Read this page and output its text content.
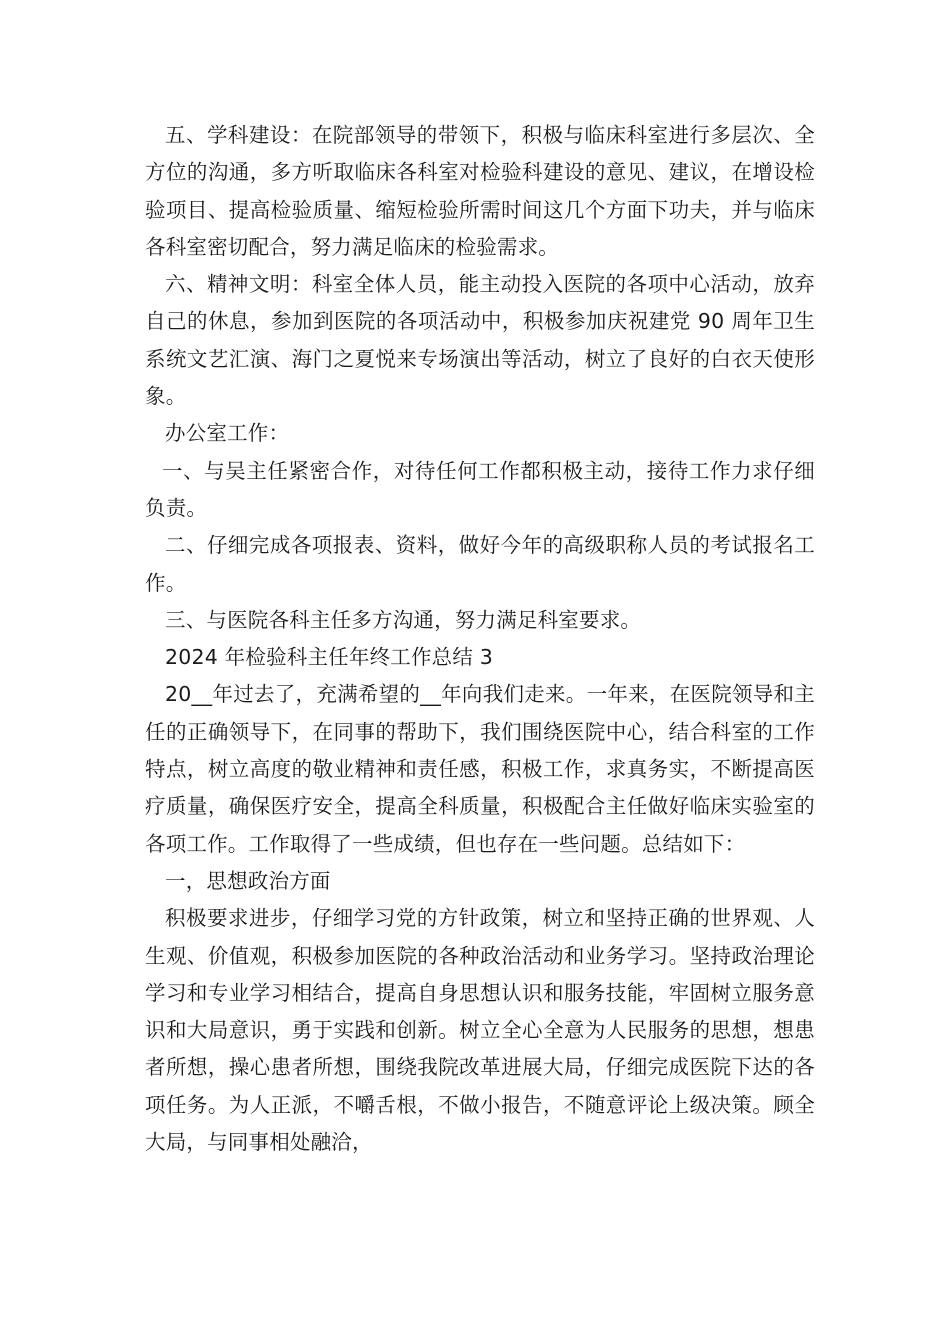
五、学科建设：在院部领导的带领下，积极与临床科室进行多层次、全方位的沟通，多方听取临床各科室对检验科建设的意见、建议，在增设检验项目、提高检验质量、缩短检验所需时间这几个方面下功夫，并与临床各科室密切配合，努力满足临床的检验需求。

六、精神文明：科室全体人员，能主动投入医院的各项中心活动，放弃自己的休息，参加到医院的各项活动中，积极参加庆祝建党 90 周年卫生系统文艺汇演、海门之夏悦来专场演出等活动，树立了良好的白衣天使形象。

办公室工作：

一、与吴主任紧密合作，对待任何工作都积极主动，接待工作力求仔细负责。

二、仔细完成各项报表、资料，做好今年的高级职称人员的考试报名工作。

三、与医院各科主任多方沟通，努力满足科室要求。

2024 年检验科主任年终工作总结 3

20__年过去了，充满希望的__年向我们走来。一年来，在医院领导和主任的正确领导下，在同事的帮助下，我们围绕医院中心，结合科室的工作特点，树立高度的敬业精神和责任感，积极工作，求真务实，不断提高医疗质量，确保医疗安全，提高全科质量，积极配合主任做好临床实验室的各项工作。工作取得了一些成绩，但也存在一些问题。总结如下：

一，思想政治方面

积极要求进步，仔细学习党的方针政策，树立和坚持正确的世界观、人生观、价值观，积极参加医院的各种政治活动和业务学习。坚持政治理论学习和专业学习相结合，提高自身思想认识和服务技能，牢固树立服务意识和大局意识，勇于实践和创新。树立全心全意为人民服务的思想，想患者所想，操心患者所想，围绕我院改革进展大局，仔细完成医院下达的各项任务。为人正派，不嚼舌根，不做小报告，不随意评论上级决策。顾全大局，与同事相处融洽，
